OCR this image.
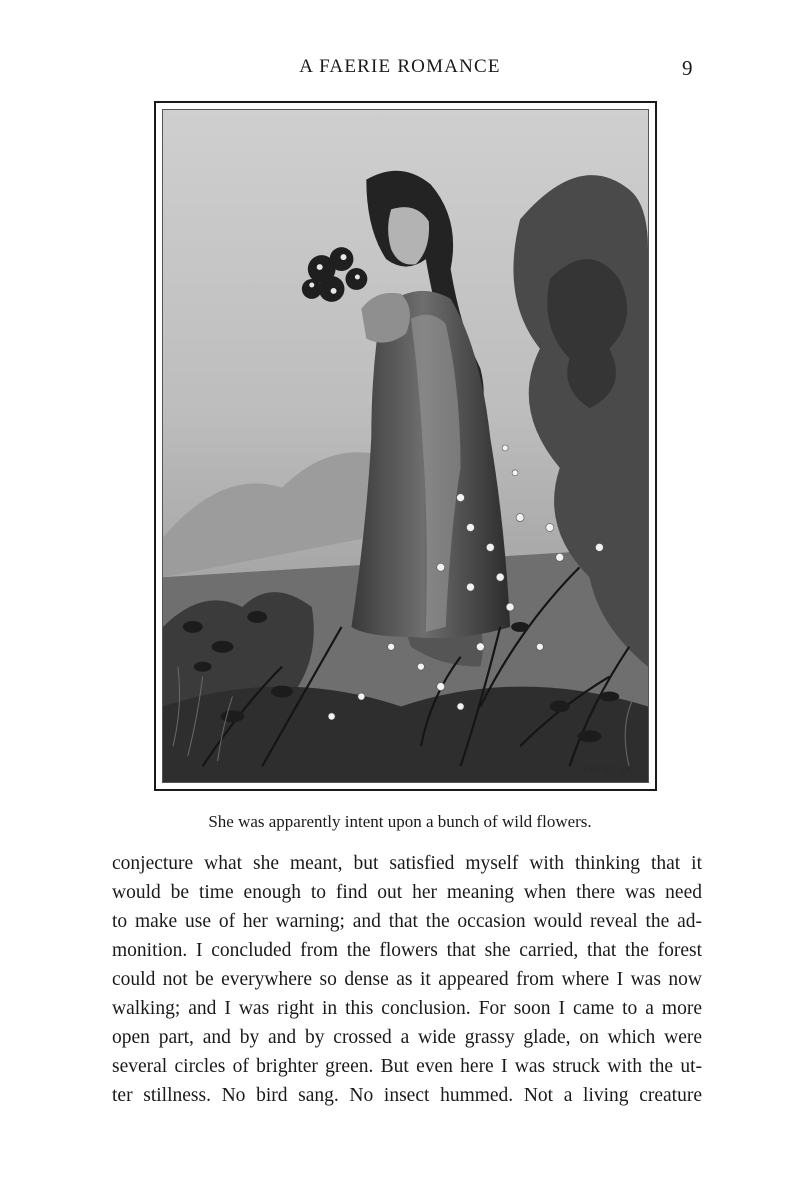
A FAERIE ROMANCE	9
J.BERG.DC.
She was apparently intent upon a bunch of wild flowers.
conjecture what she meant, but satisfied myself with thinking that it
would be time enough to find out her meaning when there was need
to make use of her warning; and that the occasion would reveal the ad-
monition. I concluded from the flowers that she carried, that the forest
could not be everywhere so dense as it appeared from where I was now
walking; and I was right in this conclusion. For soon I came to a more
open part, and by and by crossed a wide grassy glade, on which were
several circles of brighter green. But even here I was struck with the ut-
ter stillness. No bird sang. No insect hummed. Not a living creature
